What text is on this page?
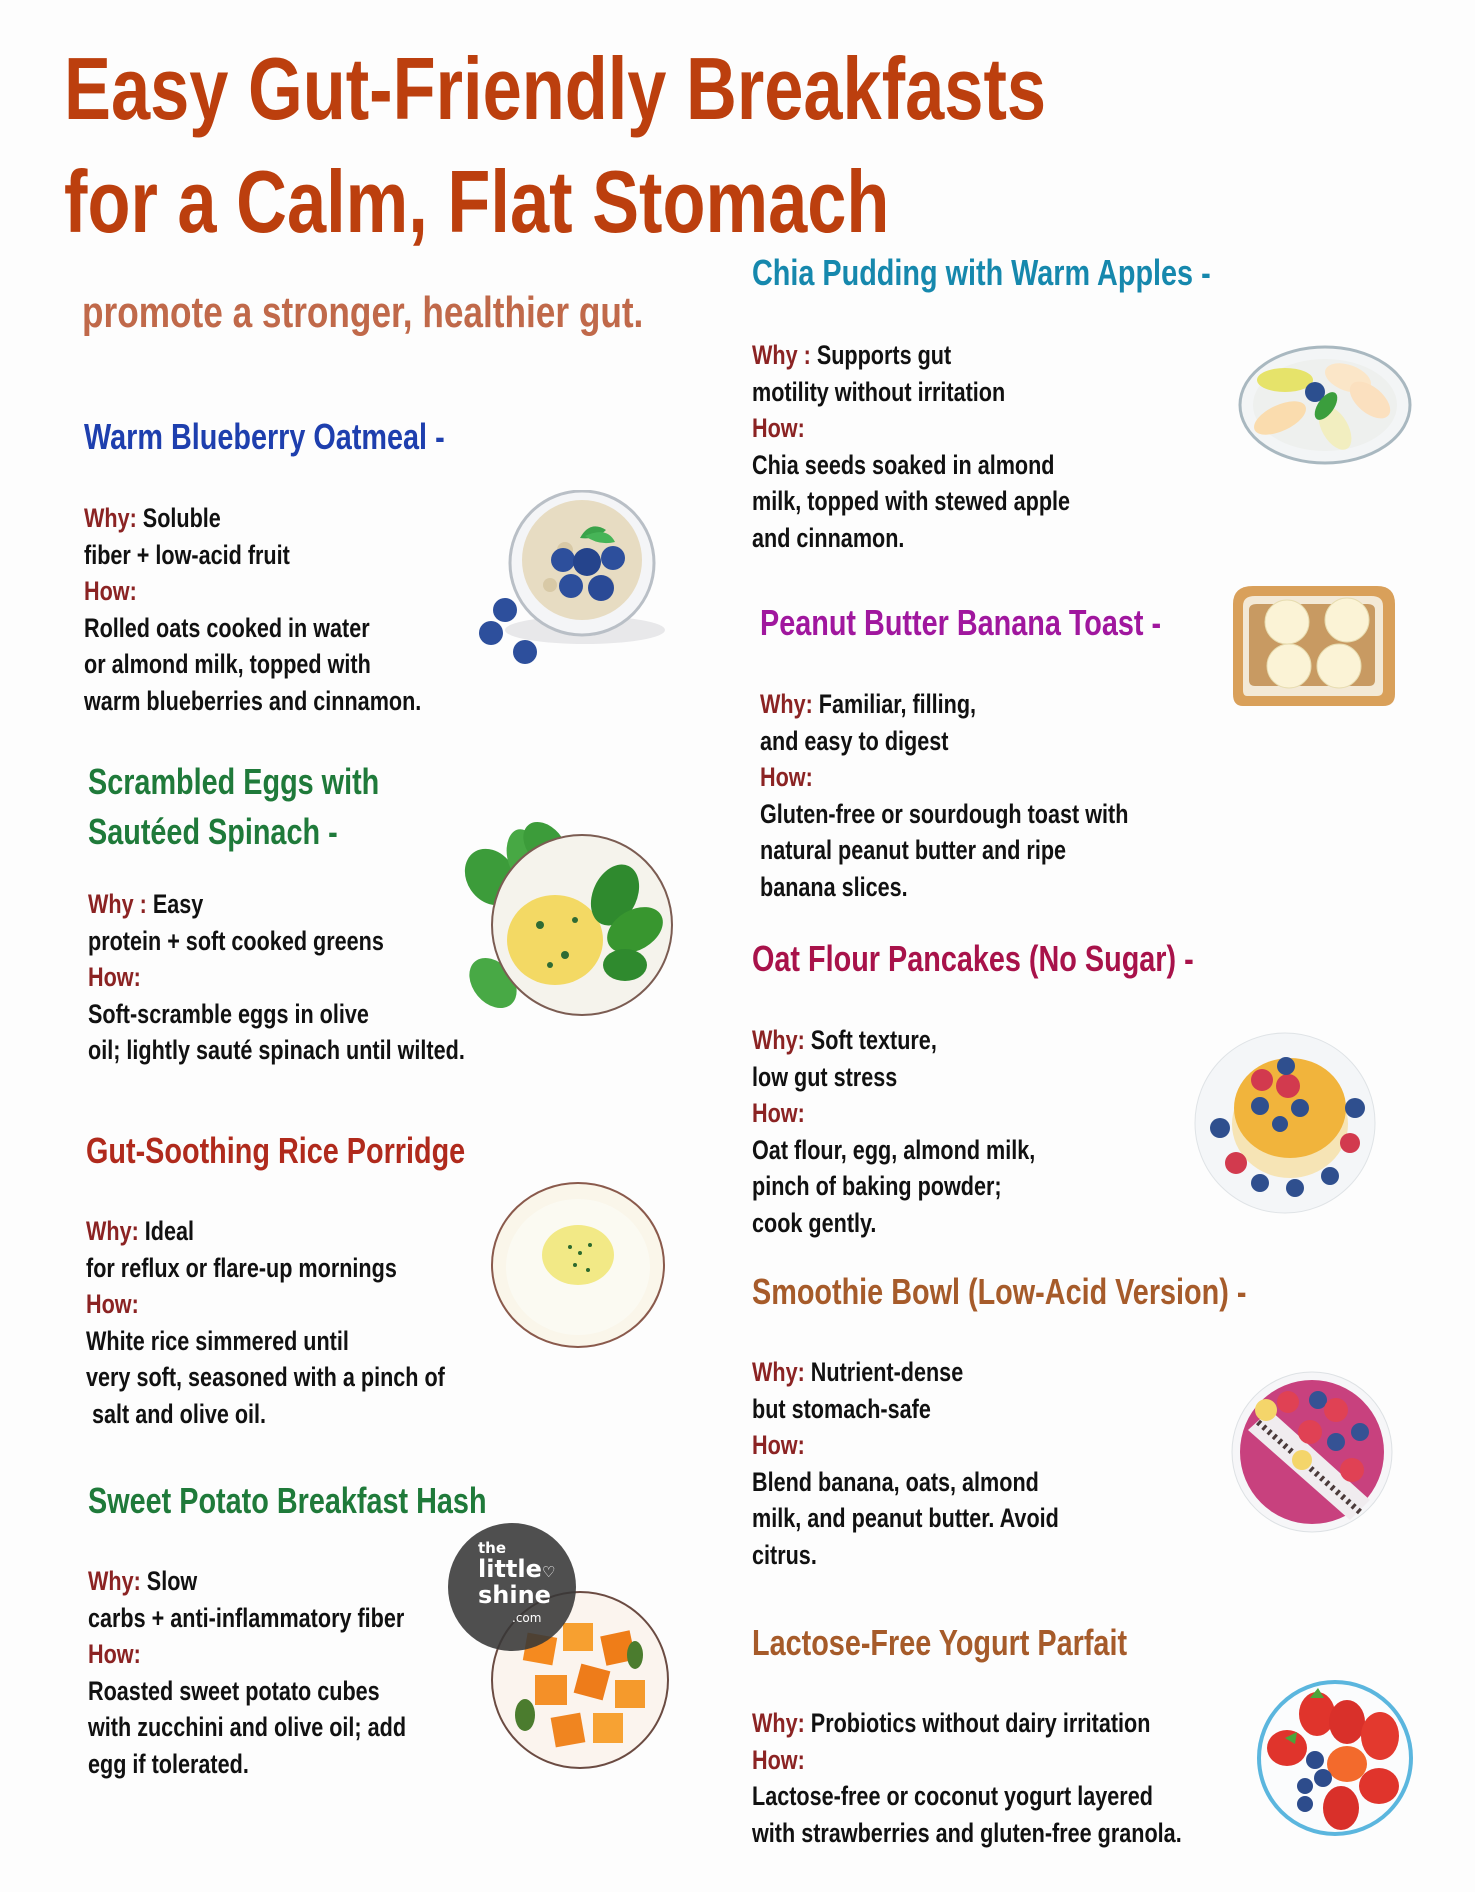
Easy Gut-Friendly Breakfasts
for a Calm, Flat Stomach
promote a stronger, healthier gut.
Warm Blueberry Oatmeal -
Why: Soluble
fiber + low-acid fruit
How:
Rolled oats cooked in water
or almond milk, topped with
warm blueberries and cinnamon.
Scrambled Eggs with
Sautéed Spinach -
Why : Easy
protein + soft cooked greens
How:
Soft-scramble eggs in olive
oil; lightly sauté spinach until wilted.
Gut-Soothing Rice Porridge
Why: Ideal
for reflux or flare-up mornings
How:
White rice simmered until
very soft, seasoned with a pinch of
salt and olive oil.
Sweet Potato Breakfast Hash
Why: Slow
carbs + anti-inflammatory fiber
How:
Roasted sweet potato cubes
with zucchini and olive oil; add
egg if tolerated.
the
little♡
shine
.com
Chia Pudding with Warm Apples -
Why : Supports gut
motility without irritation
How:
Chia seeds soaked in almond
milk, topped with stewed apple
and cinnamon.
Peanut Butter Banana Toast -
Why: Familiar, filling,
and easy to digest
How:
Gluten-free or sourdough toast with
natural peanut butter and ripe
banana slices.
Oat Flour Pancakes (No Sugar) -
Why: Soft texture,
low gut stress
How:
Oat flour, egg, almond milk,
pinch of baking powder;
cook gently.
Smoothie Bowl (Low-Acid Version) -
Why: Nutrient-dense
but stomach-safe
How:
Blend banana, oats, almond
milk, and peanut butter. Avoid
citrus.
Lactose-Free Yogurt Parfait
Why: Probiotics without dairy irritation
How:
Lactose-free or coconut yogurt layered
with strawberries and gluten-free granola.
